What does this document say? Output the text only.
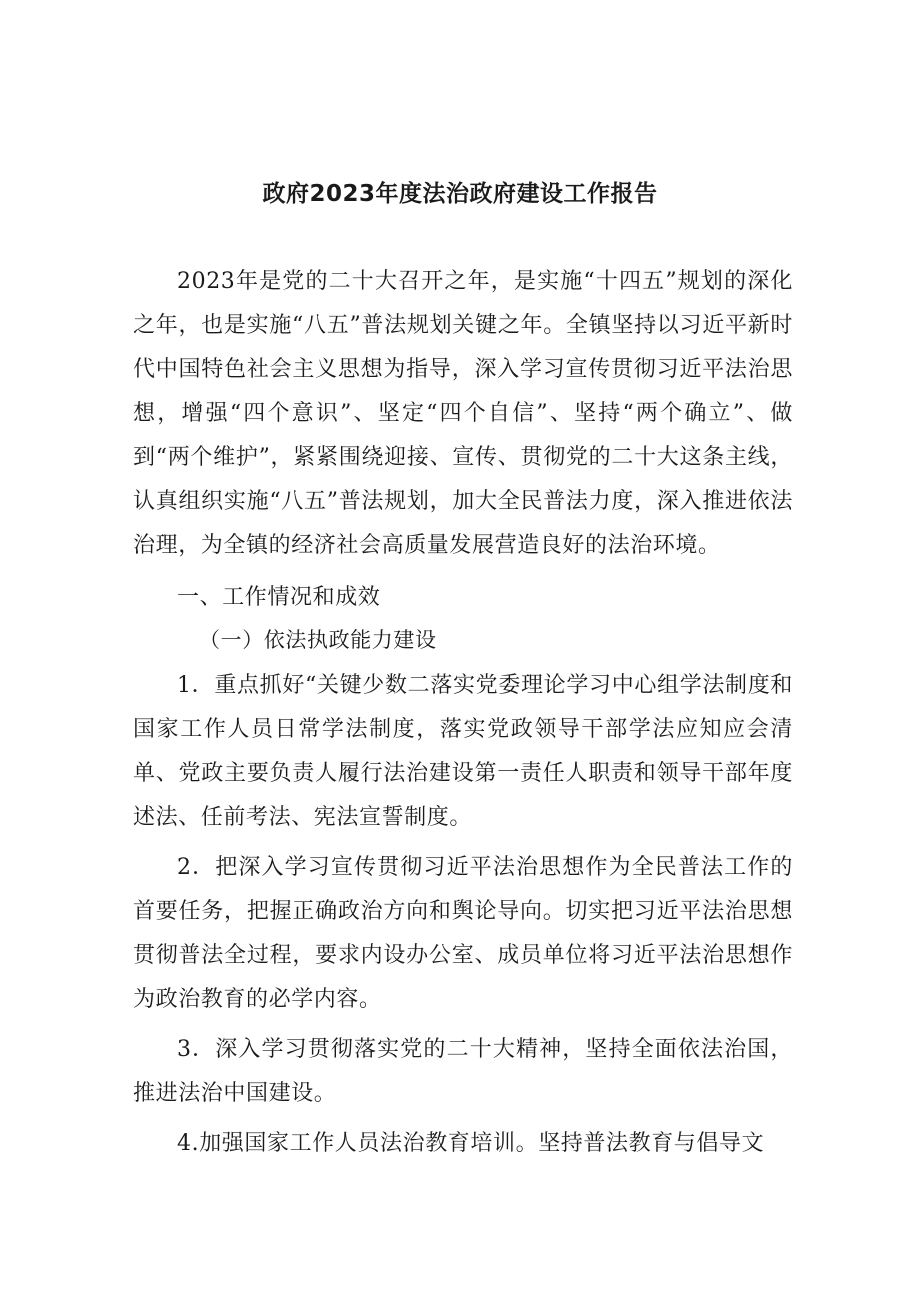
政府2023年度法治政府建设工作报告

2023年是党的二十大召开之年，是实施“十四五”规划的深化之年，也是实施“八五”普法规划关键之年。全镇坚持以习近平新时代中国特色社会主义思想为指导，深入学习宣传贯彻习近平法治思想，增强“四个意识”、坚定“四个自信”、坚持“两个确立”、做到“两个维护”，紧紧围绕迎接、宣传、贯彻党的二十大这条主线，认真组织实施“八五”普法规划，加大全民普法力度，深入推进依法治理，为全镇的经济社会高质量发展营造良好的法治环境。

一、工作情况和成效

（一）依法执政能力建设

1．重点抓好“关键少数二落实党委理论学习中心组学法制度和国家工作人员日常学法制度，落实党政领导干部学法应知应会清单、党政主要负责人履行法治建设第一责任人职责和领导干部年度述法、任前考法、宪法宣誓制度。

2．把深入学习宣传贯彻习近平法治思想作为全民普法工作的首要任务，把握正确政治方向和舆论导向。切实把习近平法治思想贯彻普法全过程，要求内设办公室、成员单位将习近平法治思想作为政治教育的必学内容。

3．深入学习贯彻落实党的二十大精神，坚持全面依法治国，推进法治中国建设。

4.加强国家工作人员法治教育培训。坚持普法教育与倡导文
